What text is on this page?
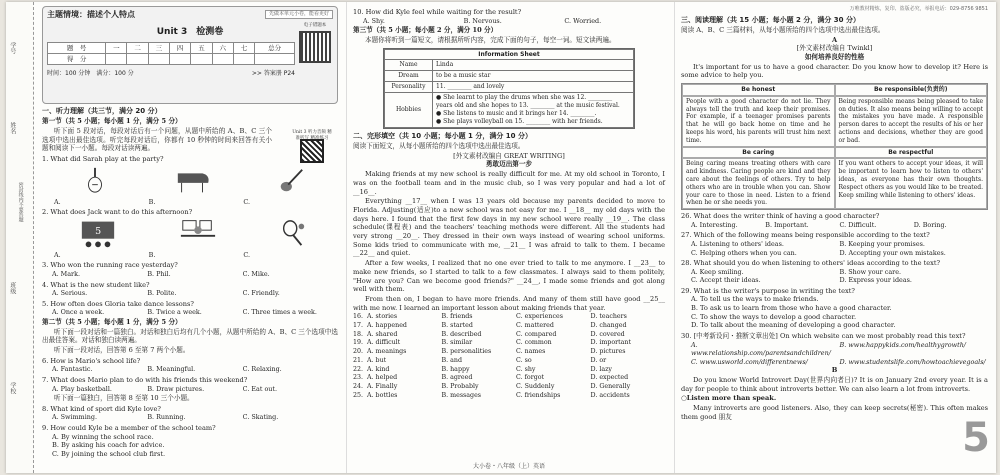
学号
姓名
密封线内不要答题
班级
学校
主题情境：描述个人特点	先做本单元小卷，能看更好
Unit 3　检测卷
电子错题本
题　号	一	二	三	四	五	六	七	总分
得　分								
时间：100 分钟　满分：100 分	>> 答案册 P24
一、听力理解（共三节，满分 20 分）
第一节（共 5 小题；每小题 1 分，满分 5 分）
听下面 5 段对话，每段对话后有一个问题，从题中所给的 A、B、C 三个选项中选出最佳选项。听完每段对话后，你都有 10 秒钟的时间来回答有关小题和阅读下一小题。每段对话读两遍。
Unit 3 听力音频 精准听写 精准练习
1. What did Sarah play at the party?
A.	B.	C.
2. What does Jack want to do this afternoon?
5
A.	B.	C.
3. Who won the running race yesterday?
A. Mark.	B. Phil.	C. Mike.
4. What is the new student like?
A. Serious.	B. Polite.	C. Friendly.
5. How often does Gloria take dance lessons?
A. Once a week.	B. Twice a week.	C. Three times a week.
第二节（共 5 小题；每小题 1 分，满分 5 分）
听下面一段对话和一篇独白。对话和独白后均有几个小题，从题中所给的 A、B、C 三个选项中选出最佳答案。对话和独白读两遍。
听下面一段对话，回答第 6 至第 7 两个小题。
6. How is Mario's school life?
A. Fantastic.	B. Meaningful.	C. Relaxing.
7. What does Mario plan to do with his friends this weekend?
A. Play basketball.	B. Draw pictures.	C. Eat out.
听下面一篇独白，回答第 8 至第 10 三个小题。
8. What kind of sport did Kyle love?
A. Swimming.	B. Running.	C. Skating.
9. How could Kyle be a member of the school team?
A. By winning the school race.
B. By asking his coach for advice.
C. By joining the school club first.
10. How did Kyle feel while waiting for the result?
A. Shy.	B. Nervous.	C. Worried.
第三节（共 5 小题；每小题 2 分，满分 10 分）
本题你将听到一篇短文，请根据所听内容，完成下面的句子，每空一词。短文读两遍。
Information Sheet	
Name	Linda
Dream	to be a music star
Personality	11. ________ and lovely
Hobbies	● She learnt to play the drums when she was 12. ________ years old and she hopes to 13. ________ at the music festival.
● She listens to music and it brings her 14. ________.
● She plays volleyball on 15. ________ with her friends.
二、完形填空（共 10 小题；每小题 1 分，满分 10 分）
阅读下面短文，从每小题所给的四个选项中选出最佳选项。
[外文素材改编自 GREAT WRITING]
勇敢迈出第一步
Making friends at my new school is really difficult for me. At my old school in Toronto, I was on the football team and in the music club, so I was very popular and had a lot of __16__.
Everything __17__ when I was 13 years old because my parents decided to move to Florida. Adjusting(适应)to a new school was not easy for me. I __18__ my old days with the days here. I found that the first few days in my new school were really __19__. The class schedule(课程表) and the teachers' teaching methods were different. All the students had very strong __20__. They dressed in their own ways instead of wearing school uniforms. Some kids tried to communicate with me, __21__ I was afraid to talk to them. I became __22__ and quiet.
After a few weeks, I realized that no one ever tried to talk to me anymore. I __23__ to make new friends, so I started to talk to a few classmates. I always said to them politely, "How are you? Can we become good friends?" __24__, I made some friends and got along well with them.
From then on, I began to have more friends. And many of them still have good __25__ with me now. I learned an important lesson about making friends that year.
16. A. stories	B. friends	C. experiences	D. teachers
17. A. happened	B. started	C. mattered	D. changed
18. A. shared	B. described	C. compared	D. covered
19. A. difficult	B. similar	C. common	D. important
20. A. meanings	B. personalities	C. names	D. pictures
21. A. but	B. and	C. so	D. or
22. A. kind	B. happy	C. shy	D. lazy
23. A. helped	B. agreed	C. forgot	D. expected
24. A. Finally	B. Probably	C. Suddenly	D. Generally
25. A. bottles	B. messages	C. friendships	D. accidents
大小卷・八年级（上）英语
万唯教材精炼，复印、盗版必究，举报电话：029-8756 9851
三、阅读理解（共 15 小题；每小题 2 分，满分 30 分）
阅读 A、B、C 三篇材料，从每小题所给的四个选项中选出最佳选项。
A
[外文素材改编自 Twinkl]
如何培养良好的性格
It's important for us to have a good character. Do you know how to develop it? Here is some advice to help you.
Be honest	Be responsible(负责的)
People with a good character do not lie. They always tell the truth and keep their promises. For example, if a teenager promises parents that he will go back home on time and he keeps his word, his parents will trust him next time.
Being responsible means being pleased to take on duties. It also means being willing to accept the mistakes you have made. A responsible person dares to accept the results of his or her actions and decisions, whether they are good or bad.
Be caring	Be respectful
Being caring means treating others with care and kindness. Caring people are kind and they care about the feelings of others. Try to help others who are in trouble when you can. Show your care to those in need. Listen to a friend when he or she needs you.
If you want others to accept your ideas, it will be important to learn how to listen to others' ideas, as everyone has their own thoughts. Respect others as you would like to be treated. Keep smiling while listening to others' ideas.
26. What does the writer think of having a good character?
A. Interesting.	B. Important.	C. Difficult.	D. Boring.
27. Which of the following means being responsible according to the text?
A. Listening to others' ideas.	B. Keeping your promises.
C. Helping others when you can.	D. Accepting your own mistakes.
28. What should you do when listening to others' ideas according to the text?
A. Keep smiling.	B. Show your care.
C. Accept their ideas.	D. Express your ideas.
29. What is the writer's purpose in writing the text?
A. To tell us the ways to make friends.
B. To ask us to learn from those who have a good character.
C. To show the ways to develop a good character.
D. To talk about the meaning of developing a good character.
30. [中考新设问・推断文章出处] On which website can we most probably read this text?
A. www.relationship.com/parentsandchildren/
B. www.happykids.com/healthygrowth/
C. www.usworld.com/differentnews/	D. www.studentslife.com/howtoachievegoals/
B
Do you know World Introvert Day(世界内向者日)? It is on January 2nd every year. It is a day for people to think about introverts better. We can also learn a lot from introverts.
○Listen more than speak.
Many introverts are good listeners. Also, they can keep secrets(秘密). This often makes them good 朋友	5
